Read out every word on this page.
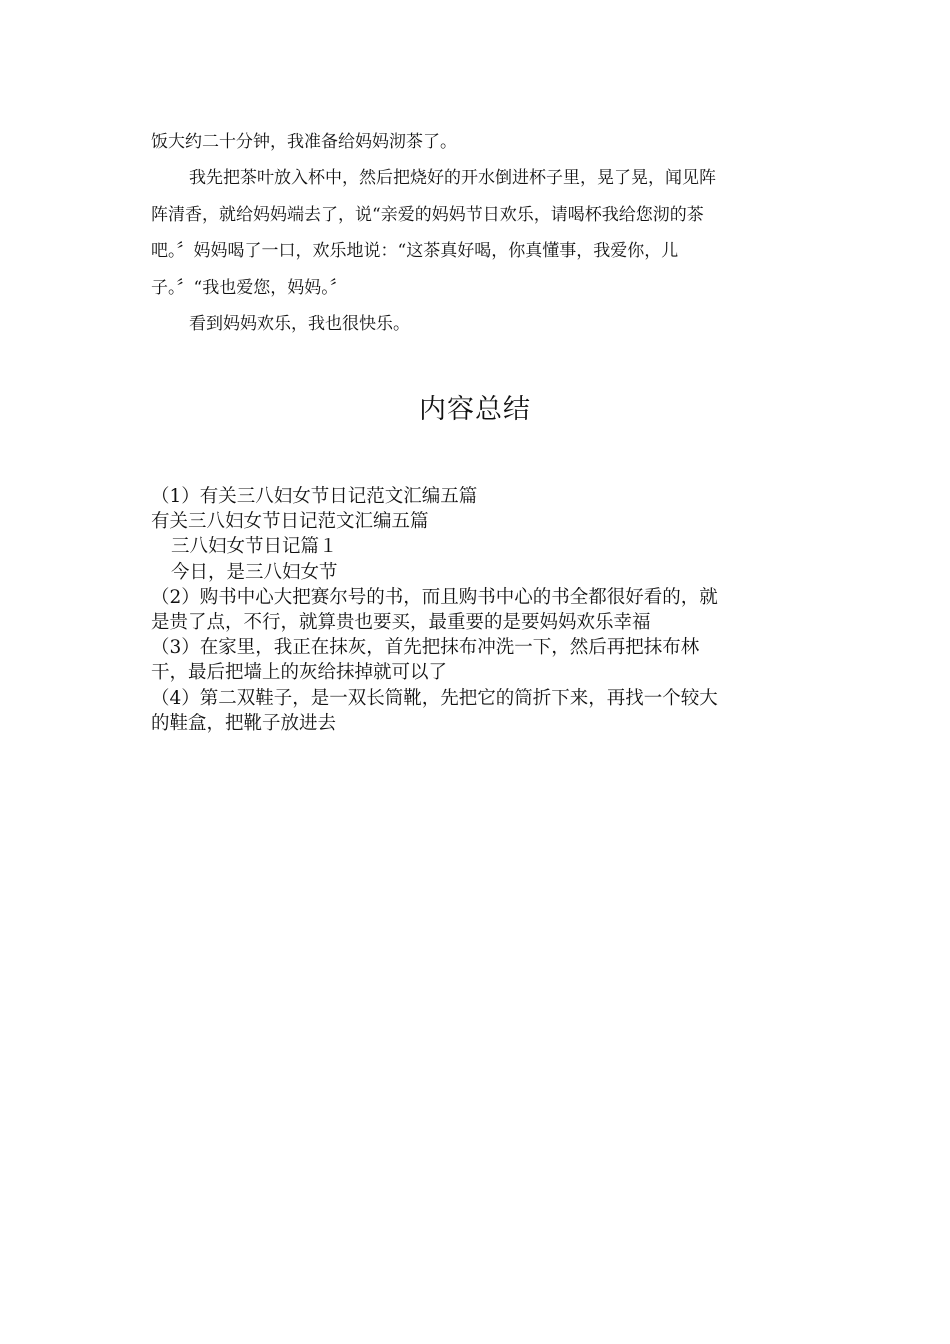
饭大约二十分钟，我准备给妈妈沏茶了。

我先把茶叶放入杯中，然后把烧好的开水倒进杯子里，晃了晃，闻见阵

阵清香，就给妈妈端去了，说“亲爱的妈妈节日欢乐，请喝杯我给您沏的茶

吧。〞妈妈喝了一口，欢乐地说：“这茶真好喝，你真懂事，我爱你，儿

子。〞“我也爱您，妈妈。〞

看到妈妈欢乐，我也很快乐。

内容总结

（1）有关三八妇女节日记范文汇编五篇

有关三八妇女节日记范文汇编五篇

三八妇女节日记篇１

今日，是三八妇女节

（2）购书中心大把赛尔号的书，而且购书中心的书全都很好看的，就

是贵了点，不行，就算贵也要买，最重要的是要妈妈欢乐幸福

（3）在家里，我正在抹灰，首先把抹布冲洗一下，然后再把抹布林

干，最后把墙上的灰给抹掉就可以了

（4）第二双鞋子，是一双长筒靴，先把它的筒折下来，再找一个较大

的鞋盒，把靴子放进去
